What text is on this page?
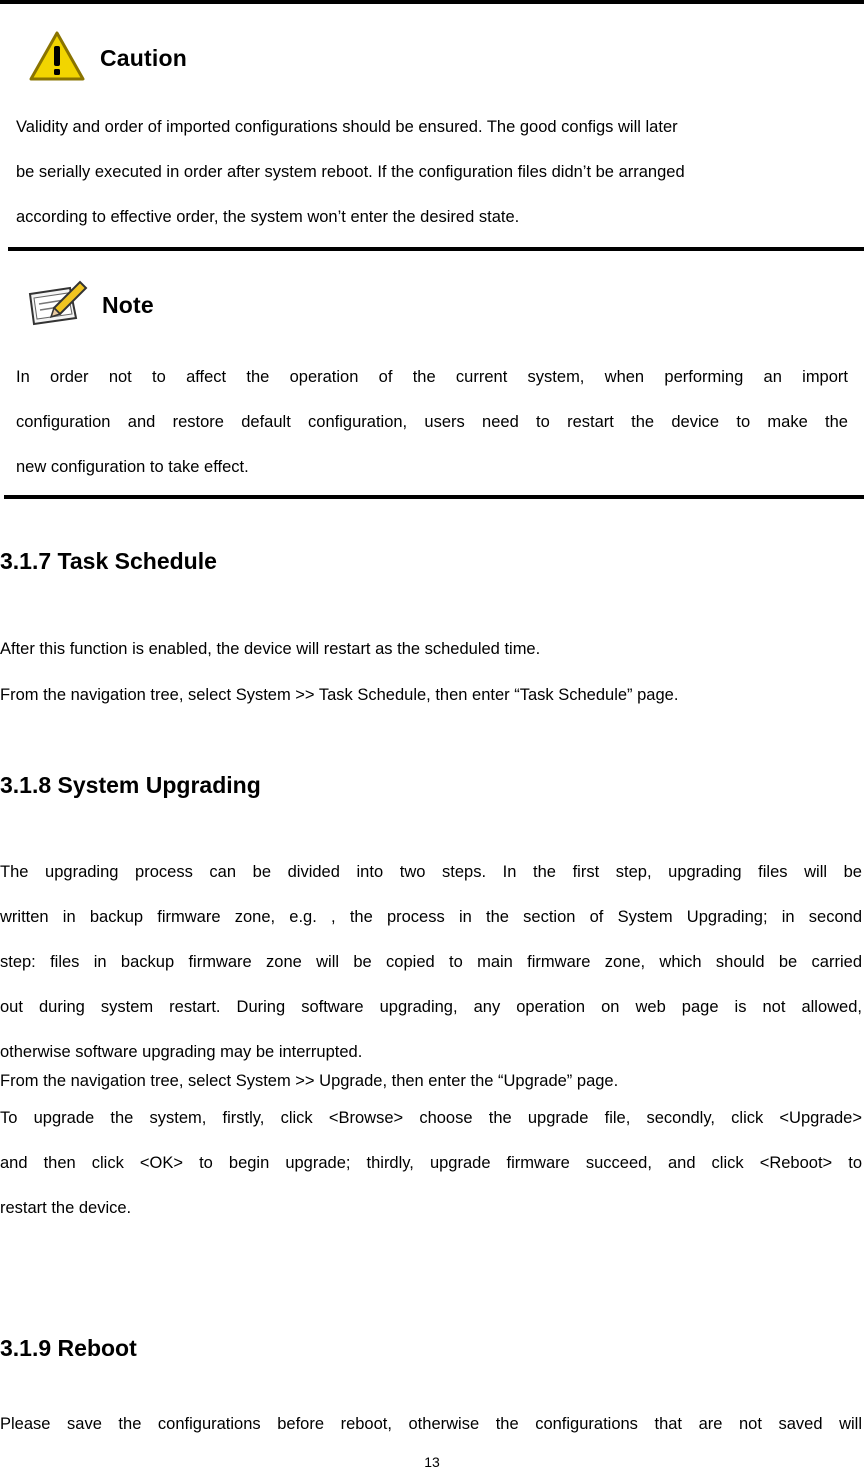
Caution
Validity and order of imported configurations should be ensured. The good configs will later
be serially executed in order after system reboot. If the configuration files didn’t be arranged
according to effective order, the system won’t enter the desired state.
Note
In order not to affect the operation of the current system, when performing an import
configuration and restore default configuration, users need to restart the device to make the
new configuration to take effect.
3.1.7 Task Schedule
After this function is enabled, the device will restart as the scheduled time.
From the navigation tree, select System >> Task Schedule, then enter “Task Schedule” page.
3.1.8 System Upgrading
The upgrading process can be divided into two steps. In the first step, upgrading files will be
written in backup firmware zone, e.g. , the process in the section of System Upgrading; in second
step: files in backup firmware zone will be copied to main firmware zone, which should be carried
out during system restart. During software upgrading, any operation on web page is not allowed,
otherwise software upgrading may be interrupted.
From the navigation tree, select System >> Upgrade, then enter the “Upgrade” page.
To upgrade the system, firstly, click <Browse> choose the upgrade file, secondly, click <Upgrade>
and then click <OK> to begin upgrade; thirdly, upgrade firmware succeed, and click <Reboot> to
restart the device.
3.1.9 Reboot
Please save the configurations before reboot, otherwise the configurations that are not saved will
13
